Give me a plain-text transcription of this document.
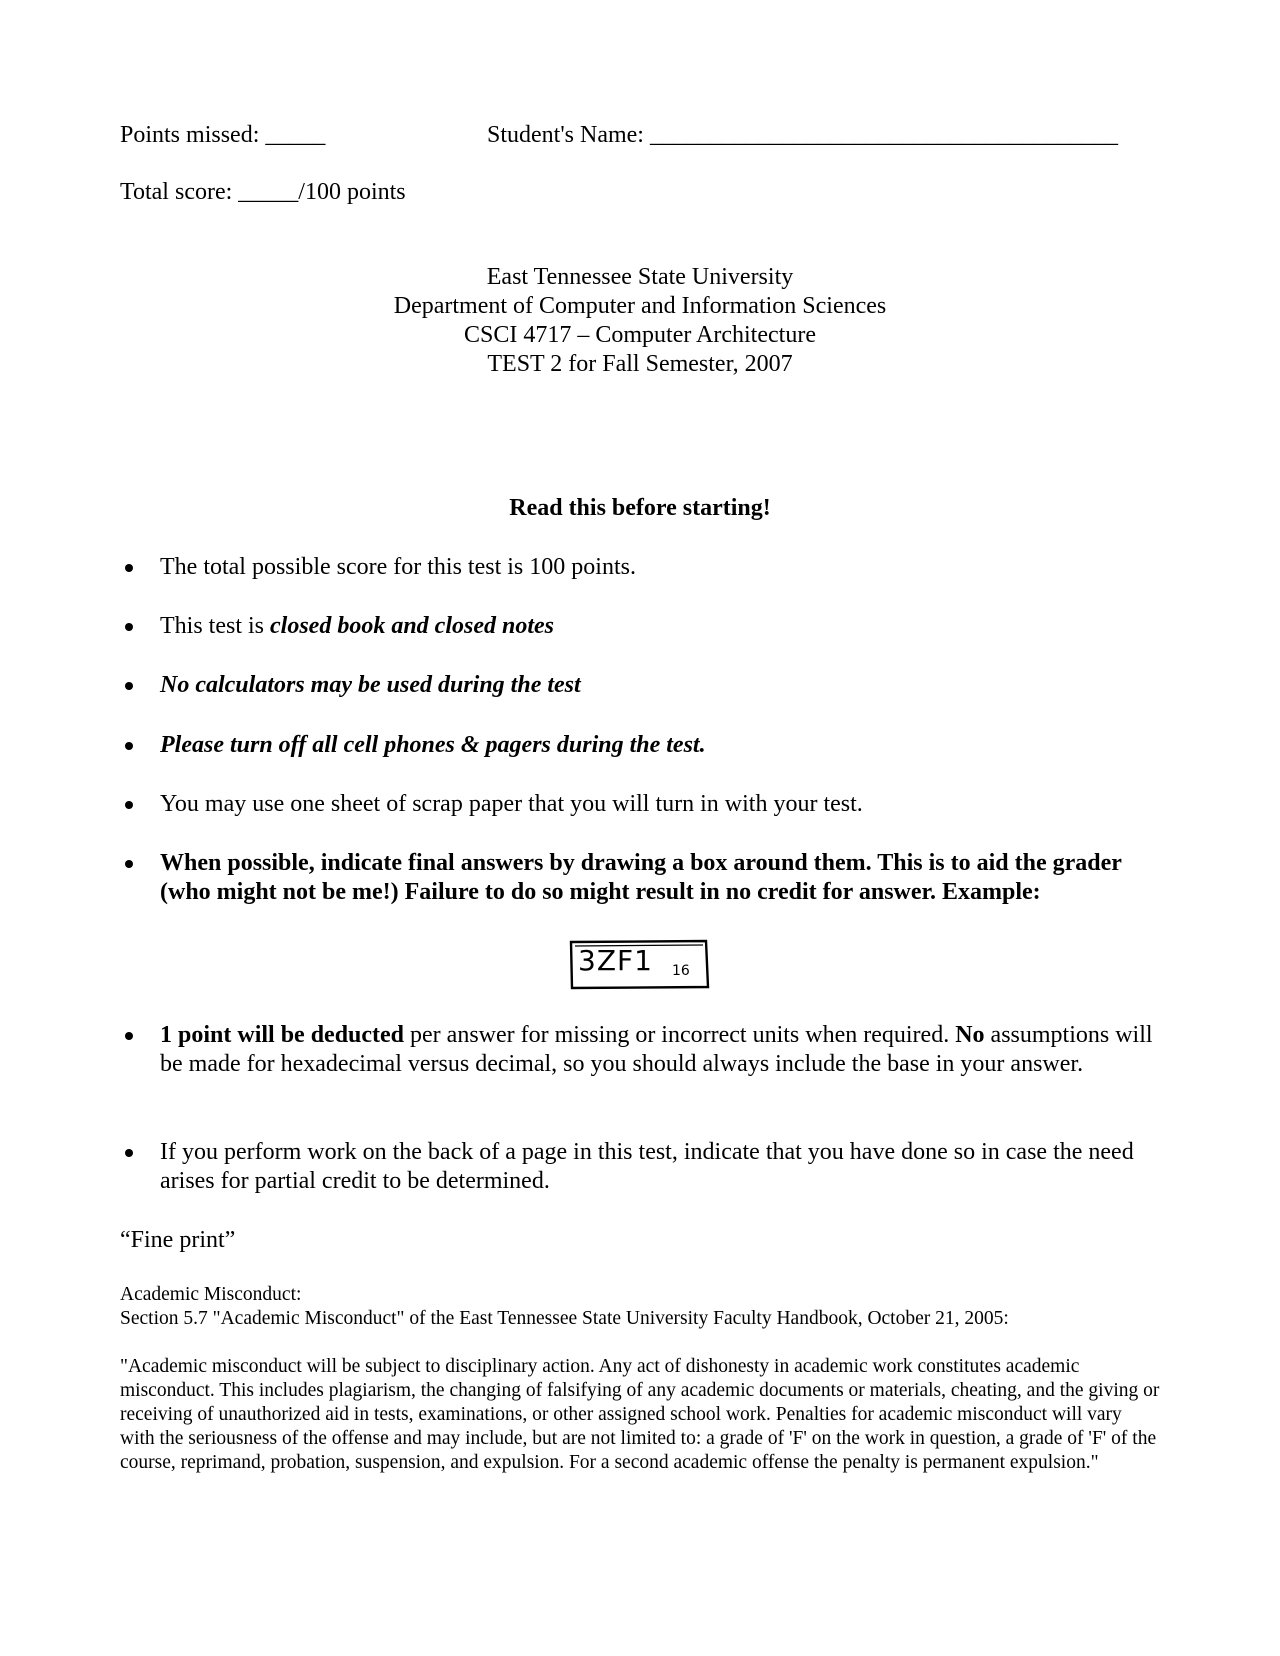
Points missed: _____	Student's Name: _______________________________________
Total score: _____/100 points
East Tennessee State University
Department of Computer and Information Sciences
CSCI 4717 – Computer Architecture
TEST 2 for Fall Semester, 2007
Read this before starting!
The total possible score for this test is 100 points.
This test is closed book and closed notes
No calculators may be used during the test
Please turn off all cell phones & pagers during the test.
You may use one sheet of scrap paper that you will turn in with your test.
When possible, indicate final answers by drawing a box around them. This is to aid the grader (who might not be me!) Failure to do so might result in no credit for answer. Example:
3ZF1 16
1 point will be deducted per answer for missing or incorrect units when required. No assumptions will be made for hexadecimal versus decimal, so you should always include the base in your answer.
If you perform work on the back of a page in this test, indicate that you have done so in case the need arises for partial credit to be determined.
“Fine print”
Academic Misconduct:
Section 5.7 "Academic Misconduct" of the East Tennessee State University Faculty Handbook, October 21, 2005:
"Academic misconduct will be subject to disciplinary action. Any act of dishonesty in academic work constitutes academic misconduct. This includes plagiarism, the changing of falsifying of any academic documents or materials, cheating, and the giving or receiving of unauthorized aid in tests, examinations, or other assigned school work. Penalties for academic misconduct will vary with the seriousness of the offense and may include, but are not limited to: a grade of 'F' on the work in question, a grade of 'F' of the course, reprimand, probation, suspension, and expulsion. For a second academic offense the penalty is permanent expulsion."
